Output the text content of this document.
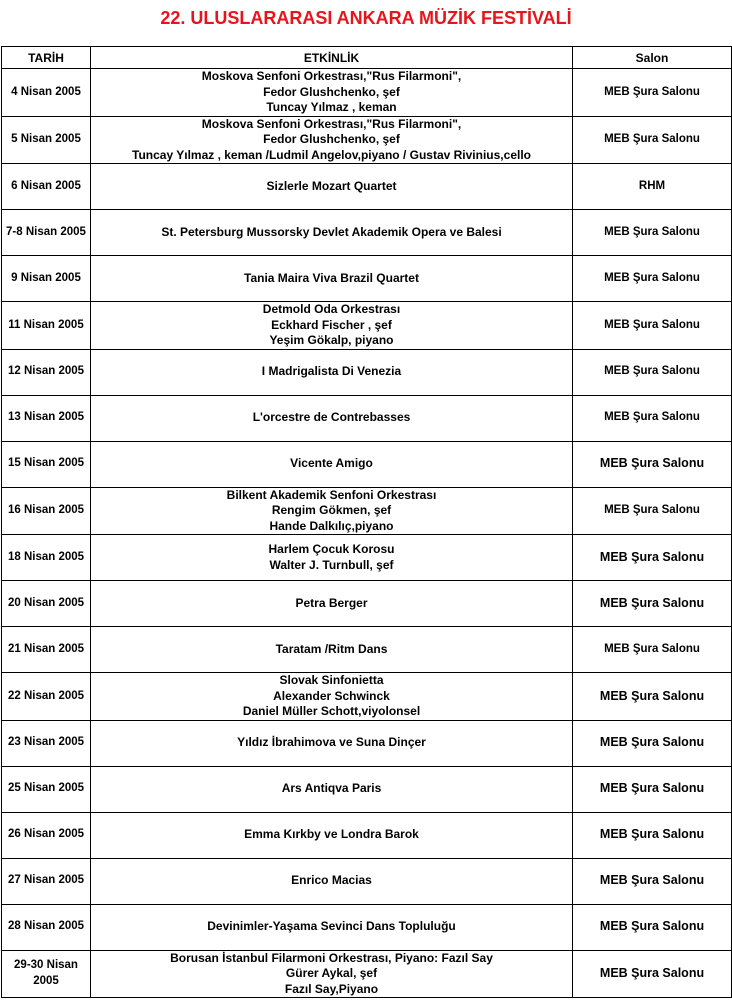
22. ULUSLARARASI ANKARA MÜZİK FESTİVALİ
TARİH	ETKİNLİK	Salon
4 Nisan 2005	Moskova Senfoni Orkestrası,"Rus Filarmoni",
Fedor Glushchenko, şef
Tuncay Yılmaz , keman	MEB Şura Salonu
5 Nisan 2005	Moskova Senfoni Orkestrası,"Rus Filarmoni",
Fedor Glushchenko, şef
Tuncay Yılmaz , keman /Ludmil Angelov,piyano / Gustav Rivinius,cello	MEB Şura Salonu
6 Nisan 2005	Sizlerle Mozart Quartet	RHM
7-8 Nisan 2005	St. Petersburg Mussorsky Devlet Akademik Opera ve Balesi	MEB Şura Salonu
9 Nisan 2005	Tania Maira Viva Brazil Quartet	MEB Şura Salonu
11 Nisan 2005	Detmold Oda Orkestrası
Eckhard Fischer , şef
Yeşim Gökalp, piyano	MEB Şura Salonu
12 Nisan 2005	I Madrigalista Di Venezia	MEB Şura Salonu
13 Nisan 2005	L'orcestre de Contrebasses	MEB Şura Salonu
15 Nisan 2005	Vicente Amigo	MEB Şura Salonu
16 Nisan 2005	Bilkent Akademik Senfoni Orkestrası
Rengim Gökmen, şef
Hande Dalkılıç,piyano	MEB Şura Salonu
18 Nisan 2005	Harlem Çocuk Korosu
Walter J. Turnbull, şef	MEB Şura Salonu
20 Nisan 2005	Petra Berger	MEB Şura Salonu
21 Nisan 2005	Taratam /Ritm Dans	MEB Şura Salonu
22 Nisan 2005	Slovak Sinfonietta
Alexander Schwinck
Daniel Müller Schott,viyolonsel	MEB Şura Salonu
23 Nisan 2005	Yıldız İbrahimova ve Suna Dinçer	MEB Şura Salonu
25 Nisan 2005	Ars Antiqva Paris	MEB Şura Salonu
26 Nisan 2005	Emma Kırkby ve Londra Barok	MEB Şura Salonu
27 Nisan 2005	Enrico Macias	MEB Şura Salonu
28 Nisan 2005	Devinimler-Yaşama Sevinci Dans Topluluğu	MEB Şura Salonu
29-30 Nisan 2005	Borusan İstanbul Filarmoni Orkestrası, Piyano: Fazıl Say
Gürer Aykal, şef
Fazıl Say,Piyano	MEB Şura Salonu
